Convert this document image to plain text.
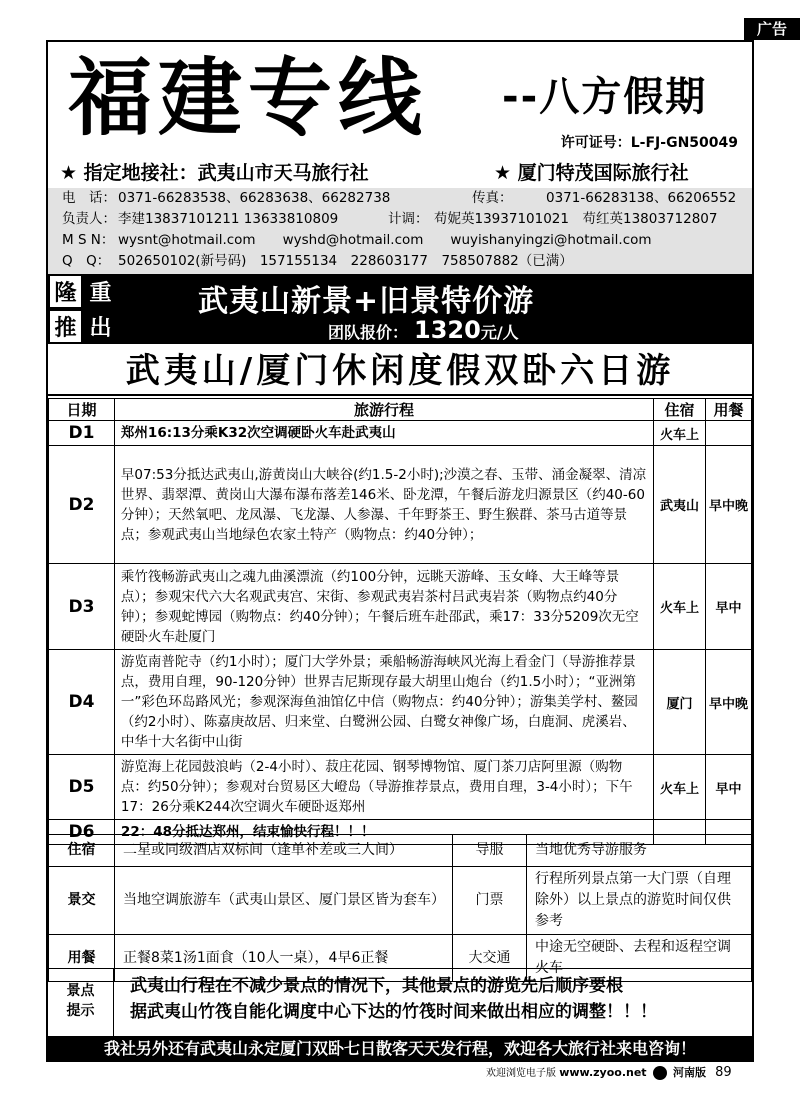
广告
福建专线 --八方假期
许可证号：L-FJ-GN50049
★ 指定地接社：武夷山市天马旅行社	★ 厦门特茂国际旅行社
电　话： 0371-66283538、66283638、66282738	传真： 0371-66283138、66206552
负责人： 李建13837101211 13633810809	计调： 苟妮英13937101021　苟红英13803712807
M S N： wysnt@hotmail.com　　wyshd@hotmail.com　　wuyishanyingzi@hotmail.com
Q　Q： 502650102(新号码)　157155134　228603177　758507882（已满）
隆 重
推 出
武夷山新景+旧景特价游
团队报价： 1320元/人
武夷山/厦门休闲度假双卧六日游
日期	旅游行程	住宿	用餐
D1	郑州16:13分乘K32次空调硬卧火车赴武夷山	火车上	
D2	早07:53分抵达武夷山,游黄岗山大峡谷(约1.5-2小时);沙漠之春、玉带、涌金凝翠、清凉世界、翡翠潭、黄岗山大瀑布瀑布落差146米、卧龙潭，午餐后游龙归源景区（约40-60分钟）；天然氧吧、龙凤瀑、飞龙瀑、人参瀑、千年野茶王、野生猴群、茶马古道等景点；参观武夷山当地绿色农家土特产（购物点：约40分钟）；	武夷山	早中晚
D3	乘竹筏畅游武夷山之魂九曲溪漂流（约100分钟，远眺天游峰、玉女峰、大王峰等景点）；参观宋代六大名观武夷宫、宋街、参观武夷岩茶村吕武夷岩茶（购物点约40分钟）；参观蛇博园（购物点：约40分钟）；午餐后班车赴邵武，乘17：33分5209次无空硬卧火车赴厦门	火车上	早中
D4	游览南普陀寺（约1小时）；厦门大学外景；乘船畅游海峡风光海上看金门（导游推荐景点，费用自理，90-120分钟）世界吉尼斯现存最大胡里山炮台（约1.5小时）；“亚洲第一”彩色环岛路风光；参观深海鱼油馆亿中信（购物点：约40分钟）；游集美学村、鳌园（约2小时）、陈嘉庚故居、归来堂、白鹭洲公园、白鹭女神像广场，白鹿洞、虎溪岩、中华十大名街中山街	厦门	早中晚
D5	游览海上花园鼓浪屿（2-4小时）、菽庄花园、钢琴博物馆、厦门茶刀店阿里源（购物点：约50分钟）；参观对台贸易区大嶝岛（导游推荐景点，费用自理，3-4小时）；下午17：26分乘K244次空调火车硬卧返郑州	火车上	早中
D6	22：48分抵达郑州，结束愉快行程！！！		
住宿	二星或同级酒店双标间（逢单补差或三人间）	导服	当地优秀导游服务
景交	当地空调旅游车（武夷山景区、厦门景区皆为套车）	门票	行程所列景点第一大门票（自理除外）以上景点的游览时间仅供参考
用餐	正餐8菜1汤1面食（10人一桌），4早6正餐	大交通	中途无空硬卧、去程和返程空调火车
景点
提示
武夷山行程在不减少景点的情况下，其他景点的游览先后顺序要根
据武夷山竹筏自能化调度中心下达的竹筏时间来做出相应的调整！！！
我社另外还有武夷山永定厦门双卧七日散客天天发行程，欢迎各大旅行社来电咨询！
欢迎浏览电子版 www.zyoo.net 河南版 89
